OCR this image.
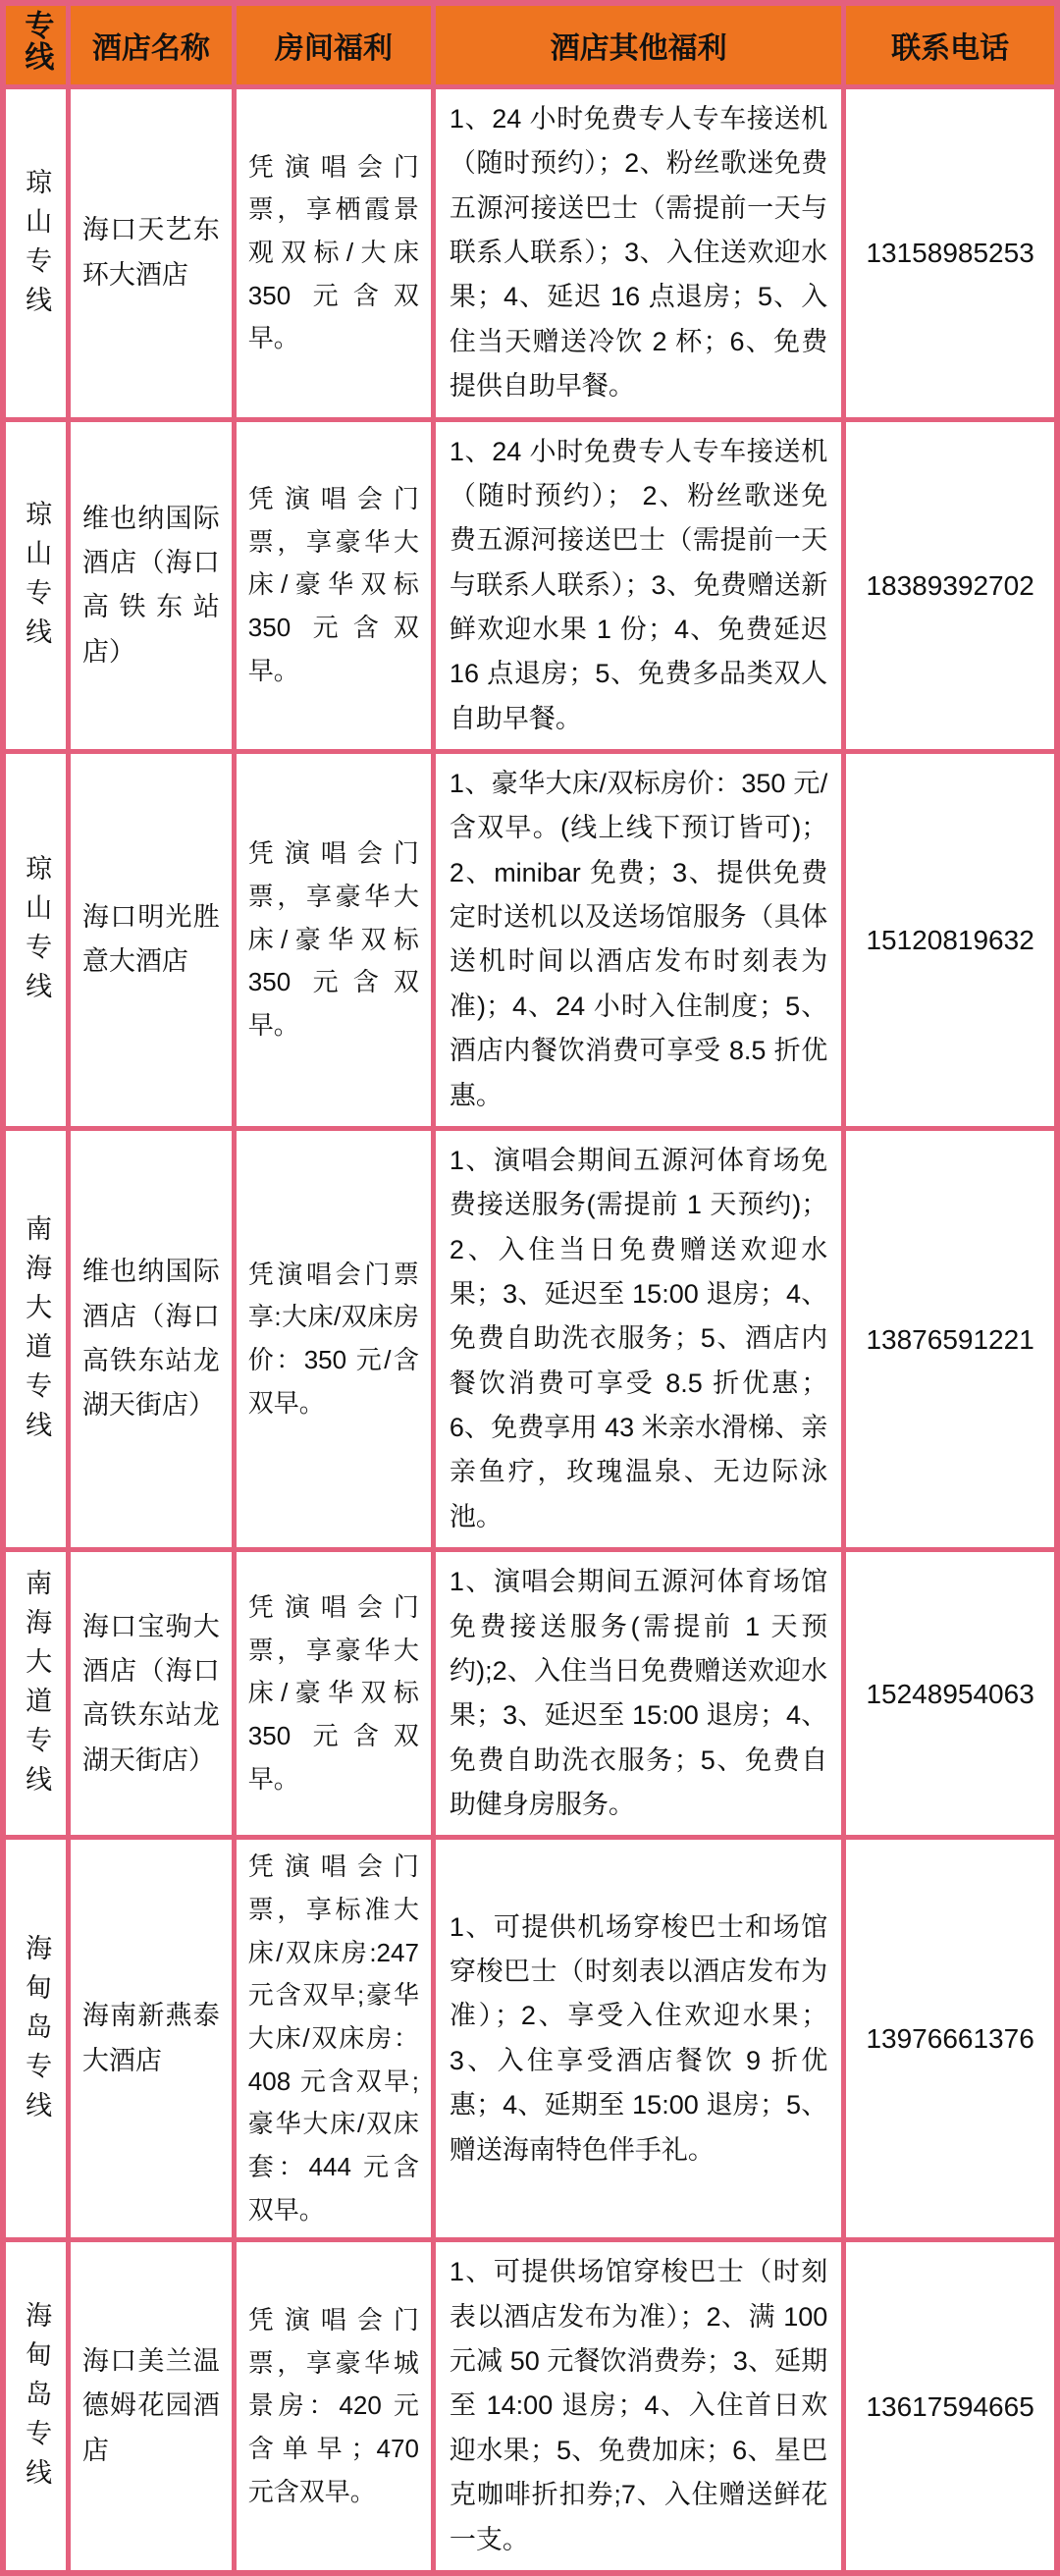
专线	酒店名称	房间福利	酒店其他福利	联系电话
琼山专线	海口天艺东环大酒店	凭演唱会门票，享栖霞景观双标/大床 350 元含双早。	1、24 小时免费专人专车接送机（随时预约）；2、粉丝歌迷免费五源河接送巴士（需提前一天与联系人联系）；3、入住送欢迎水果；4、延迟 16 点退房；5、入住当天赠送冷饮 2 杯；6、免费提供自助早餐。	13158985253
琼山专线	维也纳国际酒店（海口高铁东站店）	凭演唱会门票，享豪华大床/豪华双标 350 元含双早。	1、24 小时免费专人专车接送机（随时预约）； 2、粉丝歌迷免费五源河接送巴士（需提前一天与联系人联系）；3、免费赠送新鲜欢迎水果 1 份；4、免费延迟 16 点退房；5、免费多品类双人自助早餐。	18389392702
琼山专线	海口明光胜意大酒店	凭演唱会门票，享豪华大床/豪华双标 350 元含双早。	1、豪华大床/双标房价：350 元/含双早。(线上线下预订皆可)；2、minibar 免费；3、提供免费定时送机以及送场馆服务（具体送机时间以酒店发布时刻表为准)；4、24 小时入住制度；5、酒店内餐饮消费可享受 8.5 折优惠。	15120819632
南海大道专线	维也纳国际酒店（海口高铁东站龙湖天街店）	凭演唱会门票享:大床/双床房价：350 元/含双早。	1、演唱会期间五源河体育场免费接送服务(需提前 1 天预约)；2、入住当日免费赠送欢迎水果；3、延迟至 15:00 退房；4、免费自助洗衣服务；5、酒店内餐饮消费可享受 8.5 折优惠；6、免费享用 43 米亲水滑梯、亲亲鱼疗，玫瑰温泉、无边际泳池。	13876591221
南海大道专线	海口宝驹大酒店（海口高铁东站龙湖天街店）	凭演唱会门票，享豪华大床/豪华双标 350 元含双早。	1、演唱会期间五源河体育场馆免费接送服务(需提前 1 天预约);2、入住当日免费赠送欢迎水果；3、延迟至 15:00 退房；4、免费自助洗衣服务；5、免费自助健身房服务。	15248954063
海甸岛专线	海南新燕泰大酒店	凭演唱会门票，享标准大床/双床房:247 元含双早;豪华大床/双床房：408 元含双早;豪华大床/双床套：444 元含双早。	1、可提供机场穿梭巴士和场馆穿梭巴士（时刻表以酒店发布为准）；2、享受入住欢迎水果；3、入住享受酒店餐饮 9 折优惠；4、延期至 15:00 退房；5、赠送海南特色伴手礼。	13976661376
海甸岛专线	海口美兰温德姆花园酒店	凭演唱会门票，享豪华城景房：420 元含单早；470 元含双早。	1、可提供场馆穿梭巴士（时刻表以酒店发布为准）；2、满 100 元减 50 元餐饮消费券；3、延期至 14:00 退房；4、入住首日欢迎水果；5、免费加床；6、星巴克咖啡折扣券;7、入住赠送鲜花一支。	13617594665
